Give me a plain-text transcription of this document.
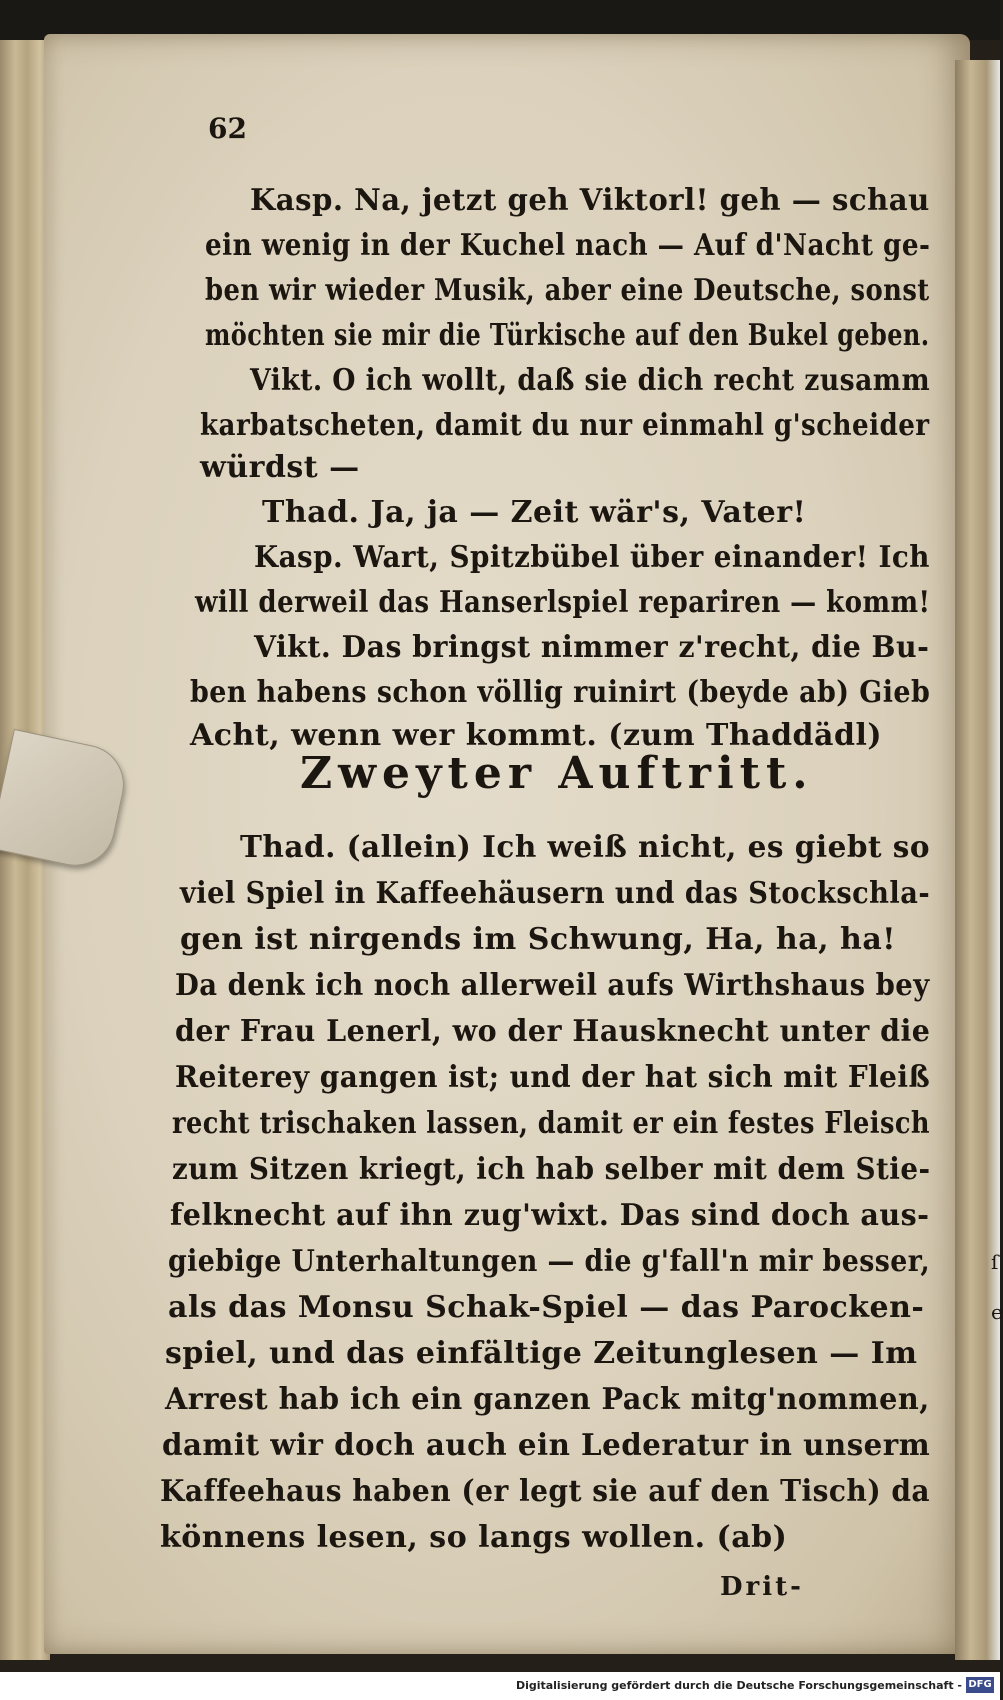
ſ
e
62
Kasp. Na, jetzt geh Viktorl! geh — schau
ein wenig in der Kuchel nach — Auf d'Nacht ge-
ben wir wieder Musik, aber eine Deutsche, sonst
möchten sie mir die Türkische auf den Bukel geben.
Vikt. O ich wollt, daß sie dich recht zusamm
karbatscheten, damit du nur einmahl g'scheider
würdst —
Thad. Ja, ja — Zeit wär's, Vater!
Kasp. Wart, Spitzbübel über einander! Ich
will derweil das Hanserlspiel repariren — komm!
Vikt. Das bringst nimmer z'recht, die Bu-
ben habens schon völlig ruinirt (beyde ab) Gieb
Acht, wenn wer kommt. (zum Thaddädl)
Zweyter Auftritt.
Thad. (allein) Ich weiß nicht, es giebt so
viel Spiel in Kaffeehäusern und das Stockschla-
gen ist nirgends im Schwung, Ha, ha, ha!
Da denk ich noch allerweil aufs Wirthshaus bey
der Frau Lenerl, wo der Hausknecht unter die
Reiterey gangen ist; und der hat sich mit Fleiß
recht trischaken lassen, damit er ein festes Fleisch
zum Sitzen kriegt, ich hab selber mit dem Stie-
felknecht auf ihn zug'wixt. Das sind doch aus-
giebige Unterhaltungen — die g'fall'n mir besser,
als das Monsu Schak-Spiel — das Parocken-
spiel, und das einfältige Zeitunglesen — Im
Arrest hab ich ein ganzen Pack mitg'nommen,
damit wir doch auch ein Lederatur in unserm
Kaffeehaus haben (er legt sie auf den Tisch) da
könnens lesen, so langs wollen. (ab)
Drit-
Digitalisierung gefördert durch die Deutsche Forschungsgemeinschaft - DFG
